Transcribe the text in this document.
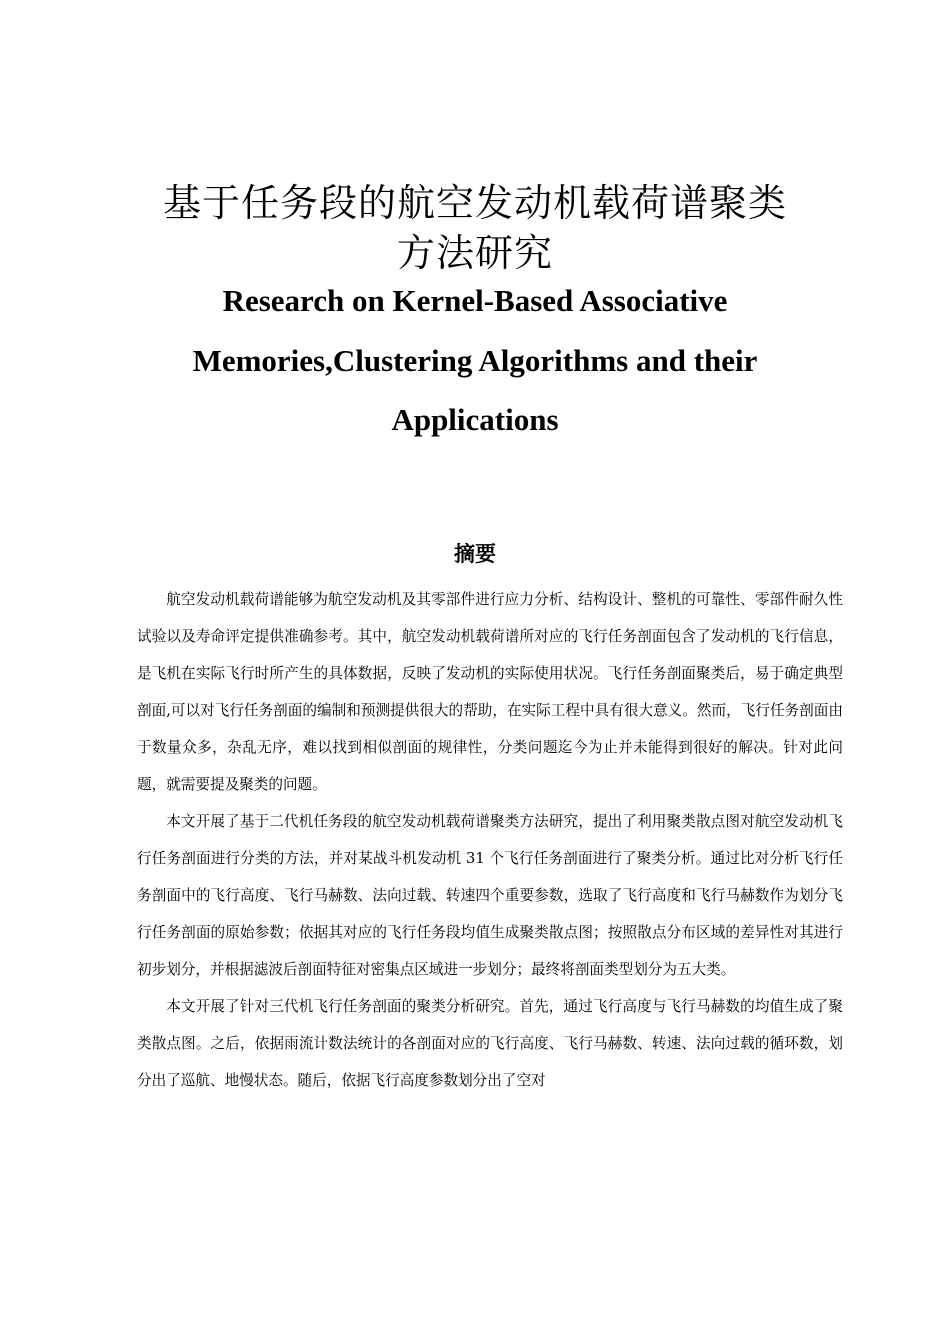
基于任务段的航空发动机载荷谱聚类
方法研究
Research on Kernel-Based Associative
Memories,Clustering Algorithms and their
Applications
摘要

航空发动机载荷谱能够为航空发动机及其零部件进行应力分析、结构设计、整机的可靠性、零部件耐久性试验以及寿命评定提供准确参考。其中，航空发动机载荷谱所对应的飞行任务剖面包含了发动机的飞行信息，是飞机在实际飞行时所产生的具体数据，反映了发动机的实际使用状况。飞行任务剖面聚类后，易于确定典型剖面,可以对飞行任务剖面的编制和预测提供很大的帮助，在实际工程中具有很大意义。然而，飞行任务剖面由于数量众多，杂乱无序，难以找到相似剖面的规律性，分类问题迄今为止并未能得到很好的解决。针对此问题，就需要提及聚类的问题。

本文开展了基于二代机任务段的航空发动机载荷谱聚类方法研究，提出了利用聚类散点图对航空发动机飞行任务剖面进行分类的方法，并对某战斗机发动机 31 个飞行任务剖面进行了聚类分析。通过比对分析飞行任务剖面中的飞行高度、飞行马赫数、法向过载、转速四个重要参数，选取了飞行高度和飞行马赫数作为划分飞行任务剖面的原始参数；依据其对应的飞行任务段均值生成聚类散点图；按照散点分布区域的差异性对其进行初步划分，并根据滤波后剖面特征对密集点区域进一步划分；最终将剖面类型划分为五大类。

本文开展了针对三代机飞行任务剖面的聚类分析研究。首先，通过飞行高度与飞行马赫数的均值生成了聚类散点图。之后，依据雨流计数法统计的各剖面对应的飞行高度、飞行马赫数、转速、法向过载的循环数，划分出了巡航、地慢状态。随后，依据飞行高度参数划分出了空对
